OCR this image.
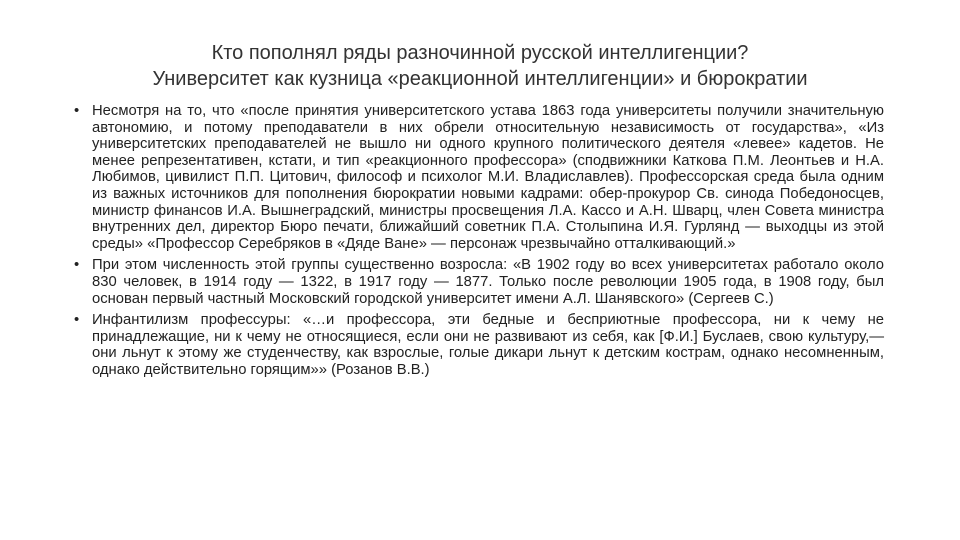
Кто пополнял ряды разночинной русской интеллигенции?
Университет как кузница «реакционной интеллигенции» и бюрократии
• Несмотря на то, что «после принятия университетского устава 1863 года университеты получили значительную автономию, и потому преподаватели в них обрели относительную независимость от государства», «Из университетских преподавателей не вышло ни одного крупного политического деятеля «левее» кадетов. Не менее репрезентативен, кстати, и тип «реакционного профессора» (сподвижники Каткова П.М. Леонтьев и Н.А. Любимов, цивилист П.П. Цитович, философ и психолог М.И. Владиславлев). Профессорская среда была одним из важных источников для пополнения бюрократии новыми кадрами: обер-прокурор Св. синода Победоносцев, министр финансов И.А. Вышнеградский, министры просвещения Л.А. Кассо и А.Н. Шварц, член Совета министра внутренних дел, директор Бюро печати, ближайший советник П.А. Столыпина И.Я. Гурлянд — выходцы из этой среды» «Профессор Серебряков в «Дяде Ване» — персонаж чрезвычайно отталкивающий.»
• При этом численность этой группы существенно возросла: «В 1902 году во всех университетах работало около 830 человек, в 1914 году — 1322, в 1917 году — 1877. Только после революции 1905 года, в 1908 году, был основан первый частный Московский городской университет имени А.Л. Шанявского» (Сергеев С.)
• Инфантилизм профессуры: «…и профессора, эти бедные и бесприютные профессора, ни к чему не принадлежащие, ни к чему не относящиеся, если они не развивают из себя, как [Ф.И.] Буслаев, свою культуру,— они льнут к этому же студенчеству, как взрослые, голые дикари льнут к детским кострам, однако несомненным, однако действительно горящим»» (Розанов В.В.)
